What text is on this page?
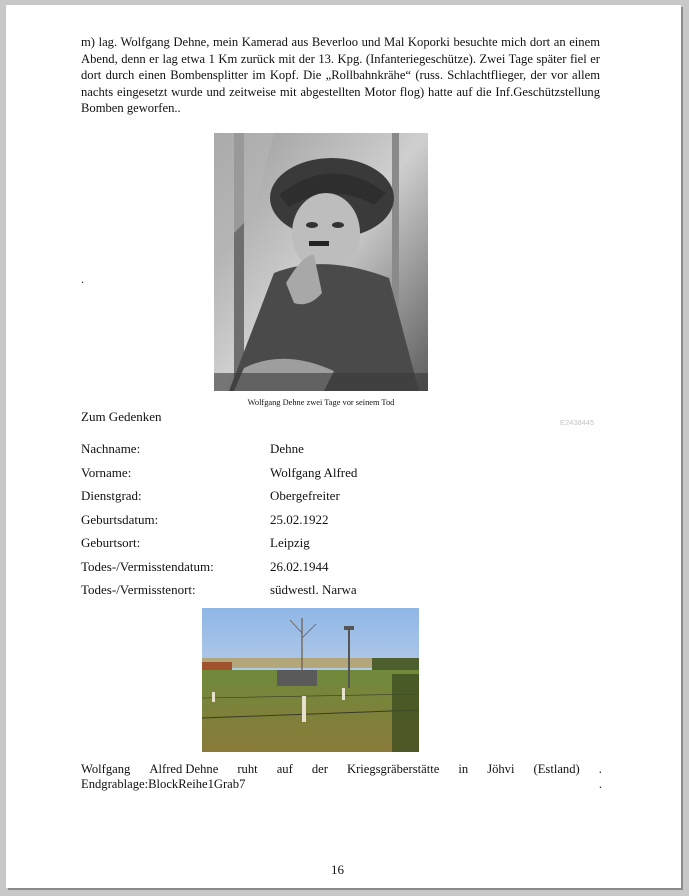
m) lag. Wolfgang Dehne, mein Kamerad aus Beverloo und Mal Koporki besuchte mich dort an einem Abend, denn er lag etwa 1 Km zurück mit der 13. Kpg. (Infanteriegeschütze). Zwei Tage später fiel er dort durch einen Bombensplitter im Kopf. Die „Rollbahnkrähe“ (russ. Schlachtflieger, der vor allem nachts eingesetzt wurde und zeitweise mit abgestellten Motor flog) hatte auf die Inf.Geschützstellung Bomben geworfen..

.
Wolfgang Dehne zwei Tage vor seinem Tod
Zum Gedenken	E2438445
Nachname:	Dehne
Vorname:	Wolfgang Alfred
Dienstgrad:	Obergefreiter
Geburtsdatum:	25.02.1922
Geburtsort:	Leipzig
Todes-/Vermisstendatum:	26.02.1944
Todes-/Vermisstenort:	südwestl. Narwa
Wolfgang Alfred Dehne ruht auf der Kriegsgräberstätte in Jöhvi (Estland) .
Endgrablage:BlockReihe1Grab7	.
16
